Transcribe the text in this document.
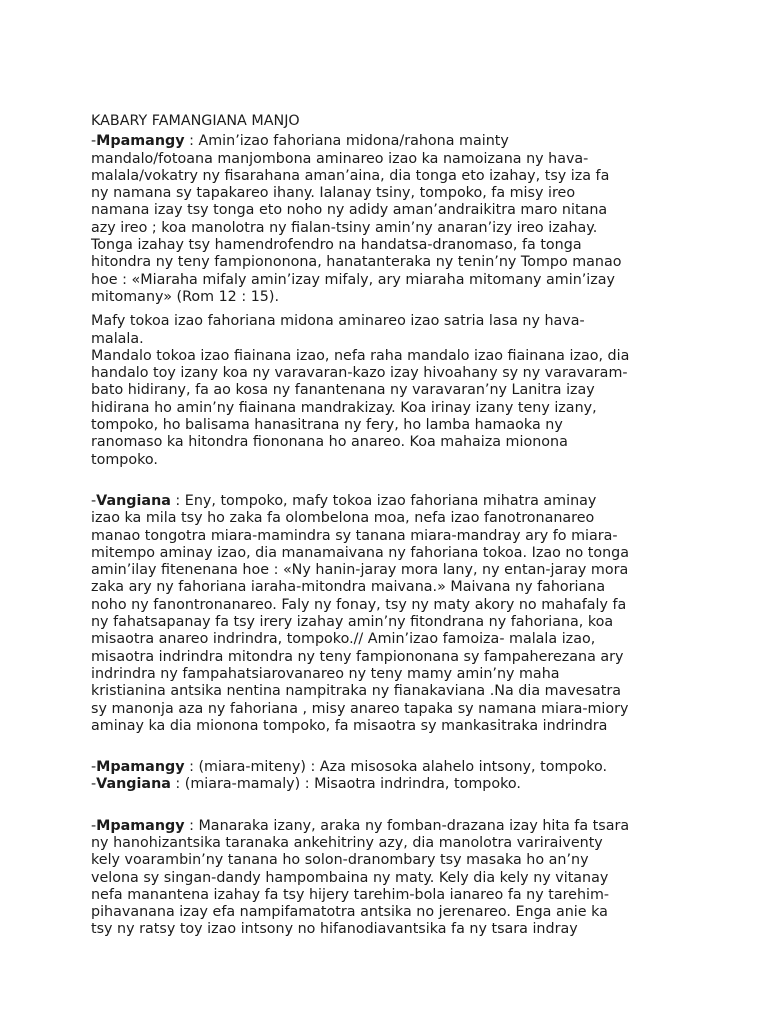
KABARY FAMANGIANA MANJO

-Mpamangy : Amin’izao fahoriana midona/rahona mainty
mandalo/fotoana manjombona aminareo izao ka namoizana ny hava-
malala/vokatry ny fisarahana aman’aina, dia tonga eto izahay, tsy iza fa
ny namana sy tapakareo ihany. Ialanay tsiny, tompoko, fa misy ireo
namana izay tsy tonga eto noho ny adidy aman’andraikitra maro nitana
azy ireo ; koa manolotra ny fialan-tsiny amin’ny anaran’izy ireo izahay.
Tonga izahay tsy hamendrofendro na handatsa-dranomaso, fa tonga
hitondra ny teny fampiononona, hanatanteraka ny tenin’ny Tompo manao
hoe : «Miaraha mifaly amin’izay mifaly, ary miaraha mitomany amin’izay
mitomany» (Rom 12 : 15).

Mafy tokoa izao fahoriana midona aminareo izao satria lasa ny hava-
malala.
Mandalo tokoa izao fiainana izao, nefa raha mandalo izao fiainana izao, dia
handalo toy izany koa ny varavaran-kazo izay hivoahany sy ny varavaram-
bato hidirany, fa ao kosa ny fanantenana ny varavaran’ny Lanitra izay
hidirana ho amin’ny fiainana mandrakizay. Koa irinay izany teny izany,
tompoko, ho balisama hanasitrana ny fery, ho lamba hamaoka ny
ranomaso ka hitondra fiononana ho anareo. Koa mahaiza mionona
tompoko.

-Vangiana : Eny, tompoko, mafy tokoa izao fahoriana mihatra aminay
izao ka mila tsy ho zaka fa olombelona moa, nefa izao fanotronanareo
manao tongotra miara-mamindra sy tanana miara-mandray ary fo miara-
mitempo aminay izao, dia manamaivana ny fahoriana tokoa. Izao no tonga
amin’ilay fitenenana hoe : «Ny hanin-jaray mora lany, ny entan-jaray mora
zaka ary ny fahoriana iaraha-mitondra maivana.» Maivana ny fahoriana
noho ny fanontronanareo. Faly ny fonay, tsy ny maty akory no mahafaly fa
ny fahatsapanay fa tsy irery izahay amin’ny fitondrana ny fahoriana, koa
misaotra anareo indrindra, tompoko.// Amin’izao famoiza- malala izao,
misaotra indrindra mitondra ny teny fampiononana sy fampaherezana ary
indrindra ny fampahatsiarovanareo ny teny mamy amin’ny maha
kristianina antsika nentina nampitraka ny fianakaviana .Na dia mavesatra
sy manonja aza ny fahoriana , misy anareo tapaka sy namana miara-miory
aminay ka dia mionona tompoko, fa misaotra sy mankasitraka indrindra

-Mpamangy : (miara-miteny) : Aza misosoka alahelo intsony, tompoko.
-Vangiana : (miara-mamaly) : Misaotra indrindra, tompoko.

-Mpamangy : Manaraka izany, araka ny fomban-drazana izay hita fa tsara
ny hanohizantsika taranaka ankehitriny azy, dia manolotra variraiventy
kely voarambin’ny tanana ho solon-dranombary tsy masaka ho an’ny
velona sy singan-dandy hampombaina ny maty. Kely dia kely ny vitanay
nefa manantena izahay fa tsy hijery tarehim-bola ianareo fa ny tarehim-
pihavanana izay efa nampifamatotra antsika no jerenareo. Enga anie ka
tsy ny ratsy toy izao intsony no hifanodiavantsika fa ny tsara indray
